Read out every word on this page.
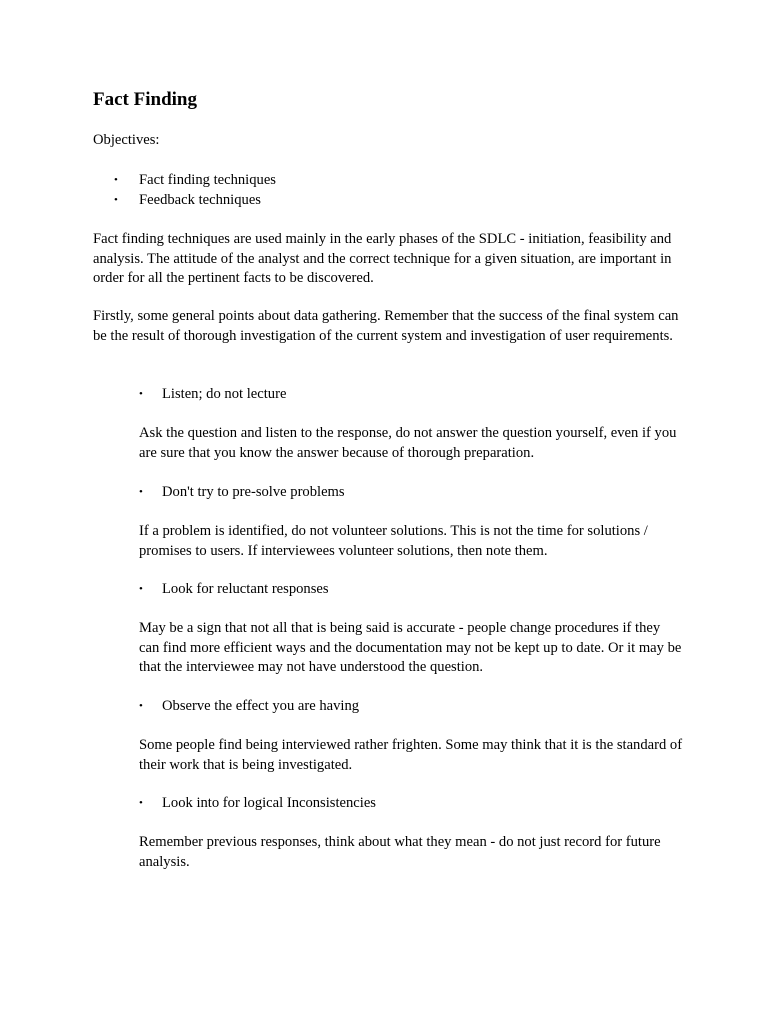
Fact Finding

Objectives:

• Fact finding techniques
• Feedback techniques

Fact finding techniques are used mainly in the early phases of the SDLC - initiation, feasibility and analysis. The attitude of the analyst and the correct technique for a given situation, are important in order for all the pertinent facts to be discovered.

Firstly, some general points about data gathering. Remember that the success of the final system can be the result of thorough investigation of the current system and investigation of user requirements.

• Listen; do not lecture

Ask the question and listen to the response, do not answer the question yourself, even if you are sure that you know the answer because of thorough preparation.

• Don't try to pre-solve problems

If a problem is identified, do not volunteer solutions. This is not the time for solutions / promises to users. If interviewees volunteer solutions, then note them.

• Look for reluctant responses

May be a sign that not all that is being said is accurate - people change procedures if they can find more efficient ways and the documentation may not be kept up to date. Or it may be that the interviewee may not have understood the question.

• Observe the effect you are having

Some people find being interviewed rather frighten. Some may think that it is the standard of their work that is being investigated.

• Look into for logical Inconsistencies

Remember previous responses, think about what they mean - do not just record for future analysis.
